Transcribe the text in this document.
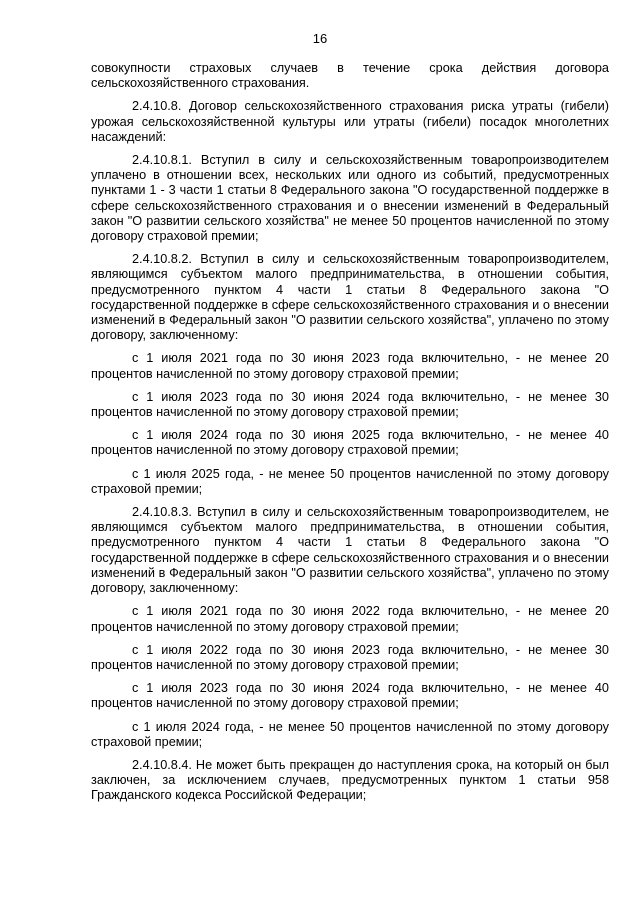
16

совокупности страховых случаев в течение срока действия договора сельскохозяйственного страхования.

2.4.10.8. Договор сельскохозяйственного страхования риска утраты (гибели) урожая сельскохозяйственной культуры или утраты (гибели) посадок многолетних насаждений:

2.4.10.8.1. Вступил в силу и сельскохозяйственным товаропроизводителем уплачено в отношении всех, нескольких или одного из событий, предусмотренных пунктами 1 - 3 части 1 статьи 8 Федерального закона "О государственной поддержке в сфере сельскохозяйственного страхования и о внесении изменений в Федеральный закон "О развитии сельского хозяйства" не менее 50 процентов начисленной по этому договору страховой премии;

2.4.10.8.2. Вступил в силу и сельскохозяйственным товаропроизводителем, являющимся субъектом малого предпринимательства, в отношении события, предусмотренного пунктом 4 части 1 статьи 8 Федерального закона "О государственной поддержке в сфере сельскохозяйственного страхования и о внесении изменений в Федеральный закон "О развитии сельского хозяйства", уплачено по этому договору, заключенному:

с 1 июля 2021 года по 30 июня 2023 года включительно, - не менее 20 процентов начисленной по этому договору страховой премии;

с 1 июля 2023 года по 30 июня 2024 года включительно, - не менее 30 процентов начисленной по этому договору страховой премии;

с 1 июля 2024 года по 30 июня 2025 года включительно, - не менее 40 процентов начисленной по этому договору страховой премии;

с 1 июля 2025 года, - не менее 50 процентов начисленной по этому договору страховой премии;

2.4.10.8.3. Вступил в силу и сельскохозяйственным товаропроизводителем, не являющимся субъектом малого предпринимательства, в отношении события, предусмотренного пунктом 4 части 1 статьи 8 Федерального закона "О государственной поддержке в сфере сельскохозяйственного страхования и о внесении изменений в Федеральный закон "О развитии сельского хозяйства", уплачено по этому договору, заключенному:

с 1 июля 2021 года по 30 июня 2022 года включительно, - не менее 20 процентов начисленной по этому договору страховой премии;

с 1 июля 2022 года по 30 июня 2023 года включительно, - не менее 30 процентов начисленной по этому договору страховой премии;

с 1 июля 2023 года по 30 июня 2024 года включительно, - не менее 40 процентов начисленной по этому договору страховой премии;

с 1 июля 2024 года, - не менее 50 процентов начисленной по этому договору страховой премии;

2.4.10.8.4. Не может быть прекращен до наступления срока, на который он был заключен, за исключением случаев, предусмотренных пунктом 1 статьи 958 Гражданского кодекса Российской Федерации;
